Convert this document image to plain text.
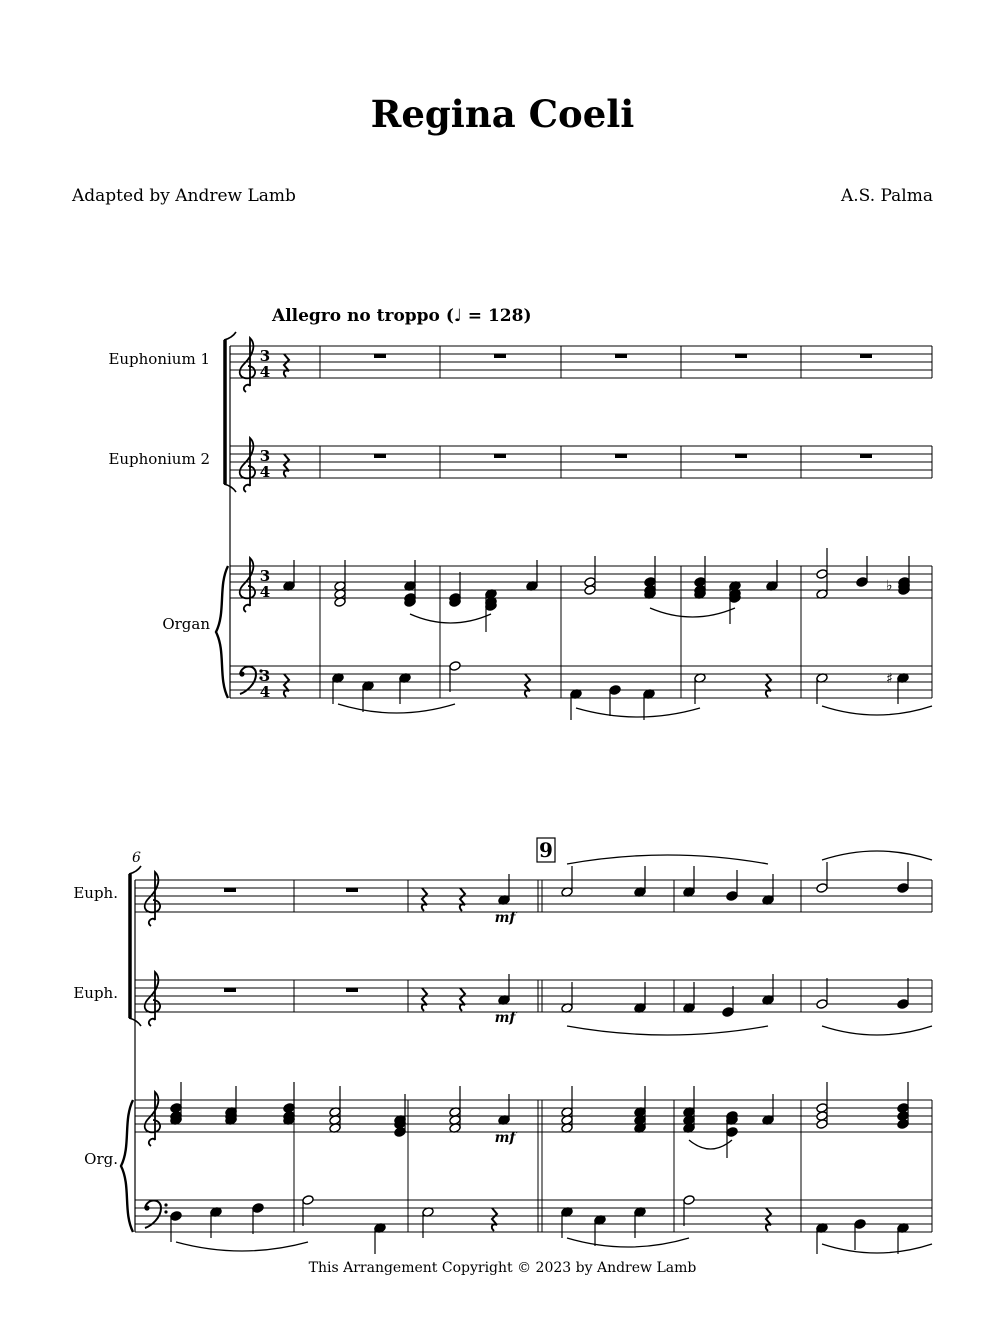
Regina Coeli
Adapted by Andrew Lamb	A.S. Palma
Allegro no troppo (♩ = 128)
Euphonium 1
Euphonium 2
Organ
Euph.
Euph.
Org.
3
4
3
4
3
4
3
4
♭
♯
6	9
mf
mf
mf
This Arrangement Copyright © 2023 by Andrew Lamb
